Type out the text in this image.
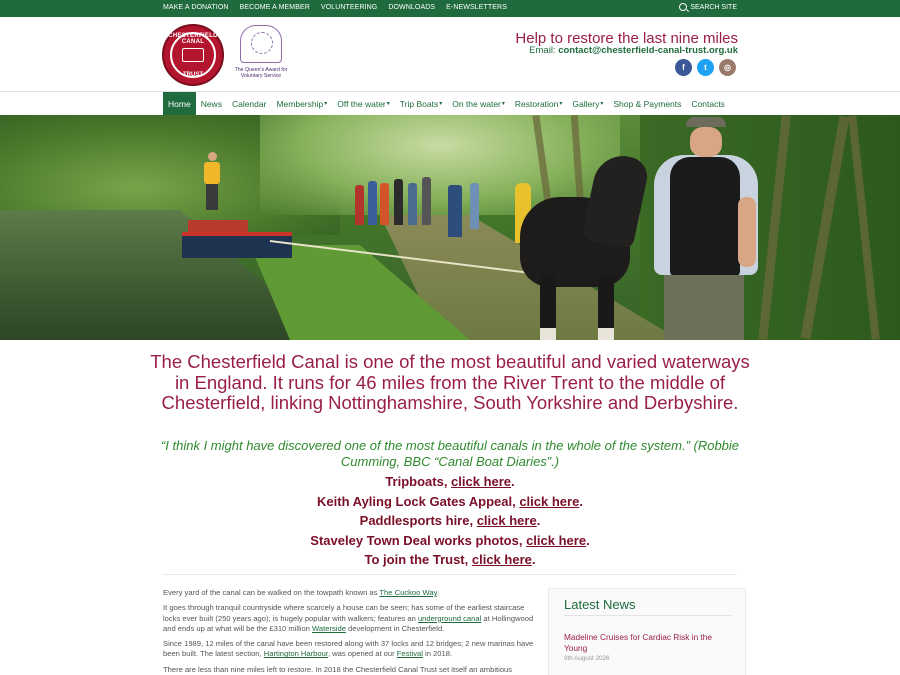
MAKE A DONATION BECOME A MEMBER VOLUNTEERING DOWNLOADS E-NEWSLETTERS	SEARCH SITE
CHESTERFIELD CANAL
TRUST
The Queen's Award for Voluntary Service
Help to restore the last nine miles
Email: contact@chesterfield-canal-trust.org.uk
f	t	◎
Home News Calendar Membership ▾ Off the water ▾ Trip Boats ▾ On the water ▾ Restoration ▾ Gallery ▾ Shop & Payments Contacts
The Chesterfield Canal is one of the most beautiful and varied waterways in England. It runs for 46 miles from the River Trent to the middle of Chesterfield, linking Nottinghamshire, South Yorkshire and Derbyshire.
“I think I might have discovered one of the most beautiful canals in the whole of the system.” (Robbie Cumming, BBC “Canal Boat Diaries”.)
Tripboats, click here.
Keith Ayling Lock Gates Appeal, click here.
Paddlesports hire, click here.
Staveley Town Deal works photos, click here.
To join the Trust, click here.

Every yard of the canal can be walked on the towpath known as The Cuckoo Way.

It goes through tranquil countryside where scarcely a house can be seen; has some of the earliest staircase locks ever built (250 years ago); is hugely popular with walkers; features an underground canal at Hollingwood and ends up at what will be the £310 million Waterside development in Chesterfield.

Since 1989, 12 miles of the canal have been restored along with 37 locks and 12 bridges; 2 new marinas have been built. The latest section, Hartington Harbour, was opened at our Festival in 2018.

There are less than nine miles left to restore. In 2018 the Chesterfield Canal Trust set itself an ambitious

Latest News
Madeline Cruises for Cardiac Risk in the Young
9th August 2026
